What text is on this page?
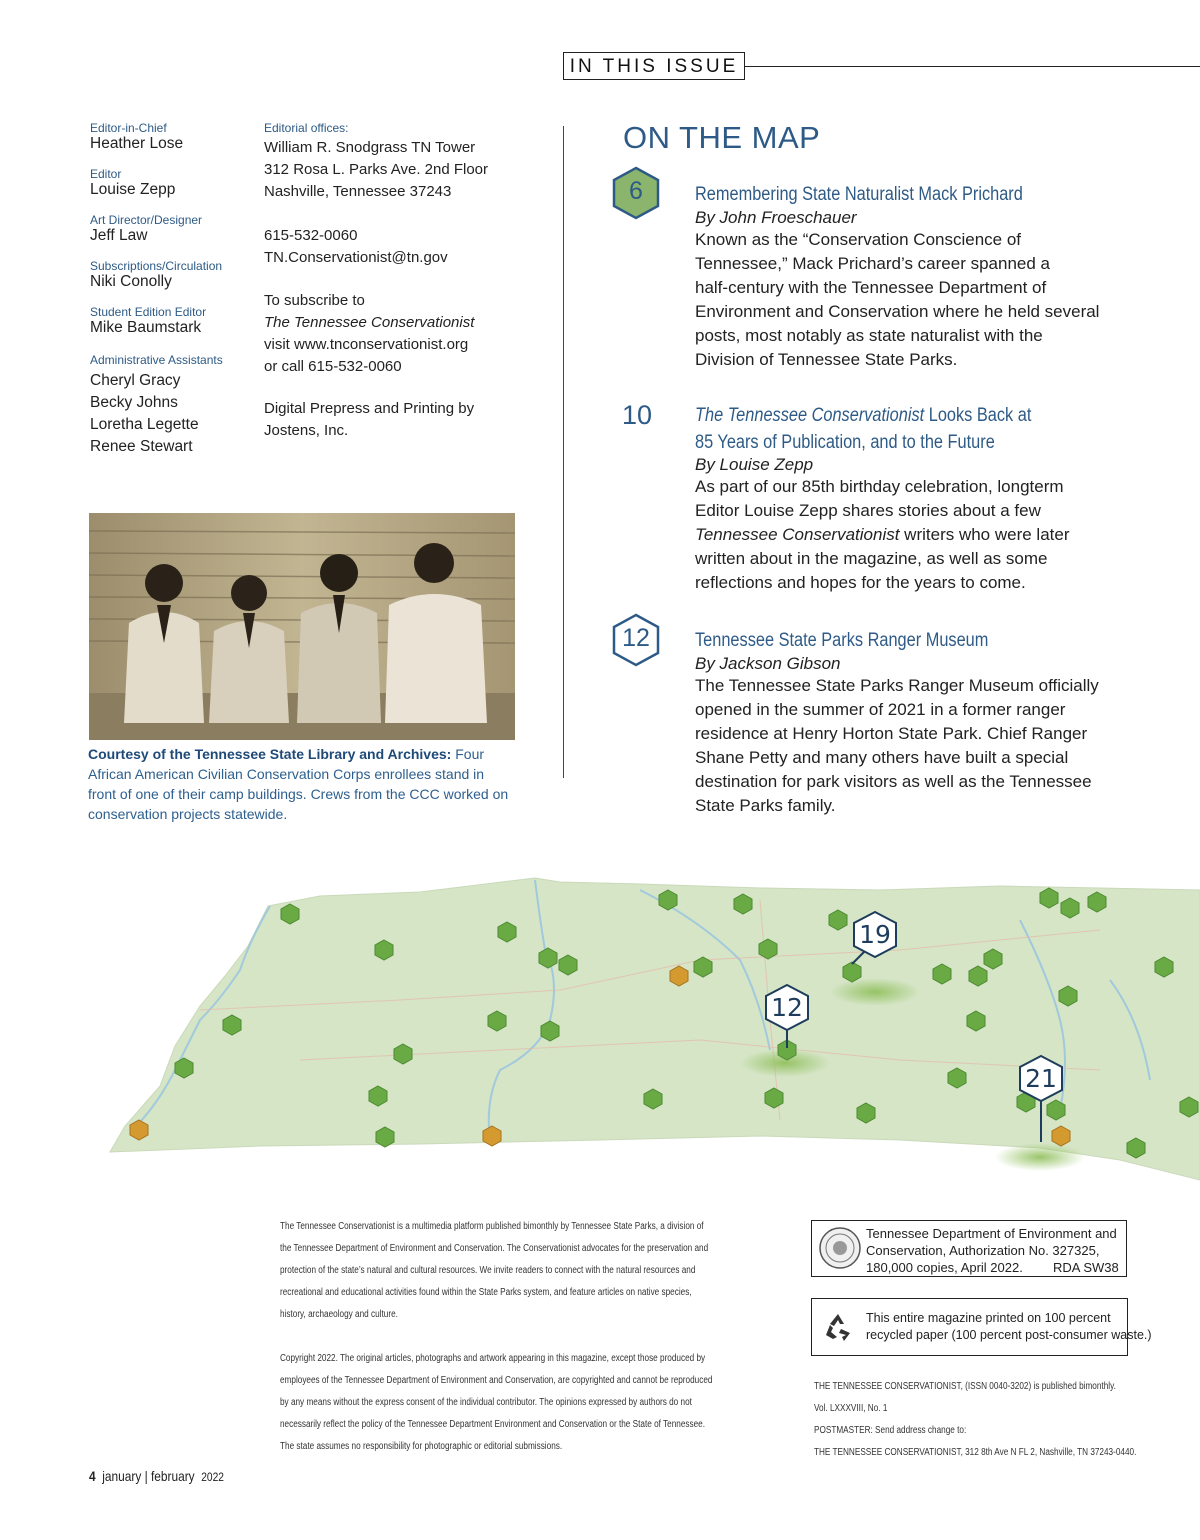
IN THIS ISSUE
Editor-in-Chief
Heather Lose
Editor
Louise Zepp
Art Director/Designer
Jeff Law
Subscriptions/Circulation
Niki Conolly
Student Edition Editor
Mike Baumstark
Administrative Assistants
Cheryl Gracy
Becky Johns
Loretha Legette
Renee Stewart
Editorial offices:
William R. Snodgrass TN Tower
312 Rosa L. Parks Ave. 2nd Floor
Nashville, Tennessee 37243
615-532-0060
TN.Conservationist@tn.gov
To subscribe to
The Tennessee Conservationist
visit www.tnconservationist.org
or call 615-532-0060
Digital Prepress and Printing by
Jostens, Inc.
Courtesy of the Tennessee State Library and Archives: Four African American Civilian Conservation Corps enrollees stand in front of one of their camp buildings. Crews from the CCC worked on conservation projects statewide.
ON THE MAP
6	Remembering State Naturalist Mack Prichard
By John Froeschauer
Known as the “Conservation Conscience of
Tennessee,” Mack Prichard’s career spanned a
half-century with the Tennessee Department of
Environment and Conservation where he held several
posts, most notably as state naturalist with the
Division of Tennessee State Parks.
10	The Tennessee Conservationist Looks Back at
85 Years of Publication, and to the Future
By Louise Zepp
As part of our 85th birthday celebration, longterm
Editor Louise Zepp shares stories about a few
Tennessee Conservationist writers who were later
written about in the magazine, as well as some
reflections and hopes for the years to come.
12	Tennessee State Parks Ranger Museum
By Jackson Gibson
The Tennessee State Parks Ranger Museum officially
opened in the summer of 2021 in a former ranger
residence at Henry Horton State Park. Chief Ranger
Shane Petty and many others have built a special
destination for park visitors as well as the Tennessee
State Parks family.
19
12
21
The Tennessee Conservationist is a multimedia platform published bimonthly by Tennessee State Parks, a division of
the Tennessee Department of Environment and Conservation. The Conservationist advocates for the preservation and
protection of the state’s natural and cultural resources. We invite readers to connect with the natural resources and
recreational and educational activities found within the State Parks system, and feature articles on native species,
history, archaeology and culture.
Copyright 2022. The original articles, photographs and artwork appearing in this magazine, except those produced by
employees of the Tennessee Department of Environment and Conservation, are copyrighted and cannot be reproduced
by any means without the express consent of the individual contributor. The opinions expressed by authors do not
necessarily reflect the policy of the Tennessee Department Environment and Conservation or the State of Tennessee.
The state assumes no responsibility for photographic or editorial submissions.
Tennessee Department of Environment and
Conservation, Authorization No. 327325,
180,000 copies, April 2022. RDA SW38
This entire magazine printed on 100 percent
recycled paper (100 percent post-consumer waste.)
THE TENNESSEE CONSERVATIONIST, (ISSN 0040-3202) is published bimonthly.
Vol. LXXXVIII, No. 1
POSTMASTER: Send address change to:
THE TENNESSEE CONSERVATIONIST, 312 8th Ave N FL 2, Nashville, TN 37243-0440.
4 january | february 2022
